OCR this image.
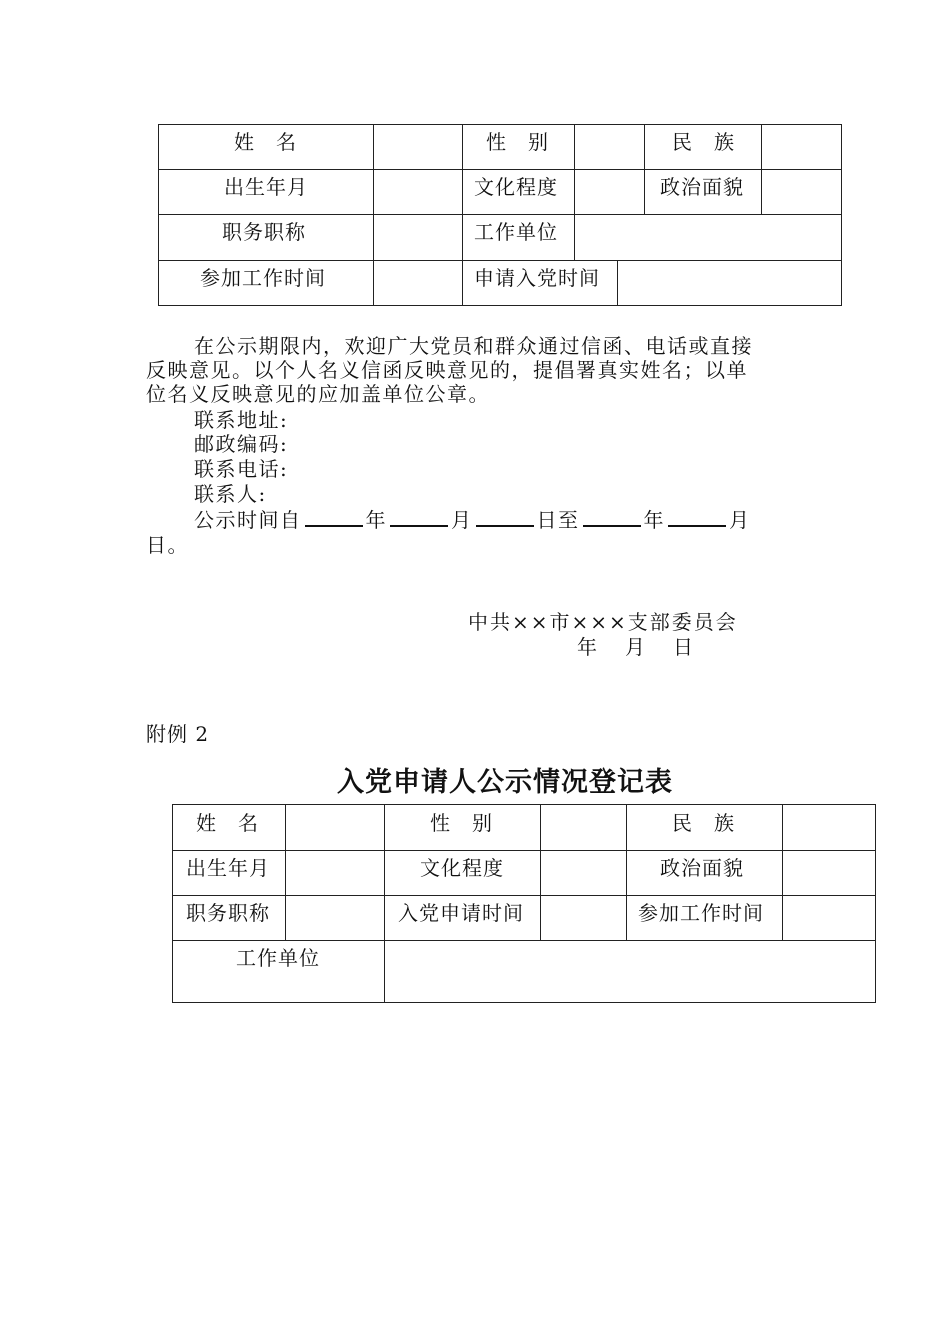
姓　名	性　别	民　族
出生年月	文化程度	政治面貌
职务职称	工作单位
参加工作时间	申请入党时间
在公示期限内，欢迎广大党员和群众通过信函、电话或直接
反映意见。以个人名义信函反映意见的，提倡署真实姓名；以单
位名义反映意见的应加盖单位公章。
联系地址:
邮政编码:
联系电话:
联系人:
公示时间自	年	月	日至	年	月
日。
中共××市×××支部委员会
年　月　日
附例 2
入党申请人公示情况登记表
姓　名	性　别	民　族
出生年月	文化程度	政治面貌
职务职称	入党申请时间	参加工作时间
工作单位
